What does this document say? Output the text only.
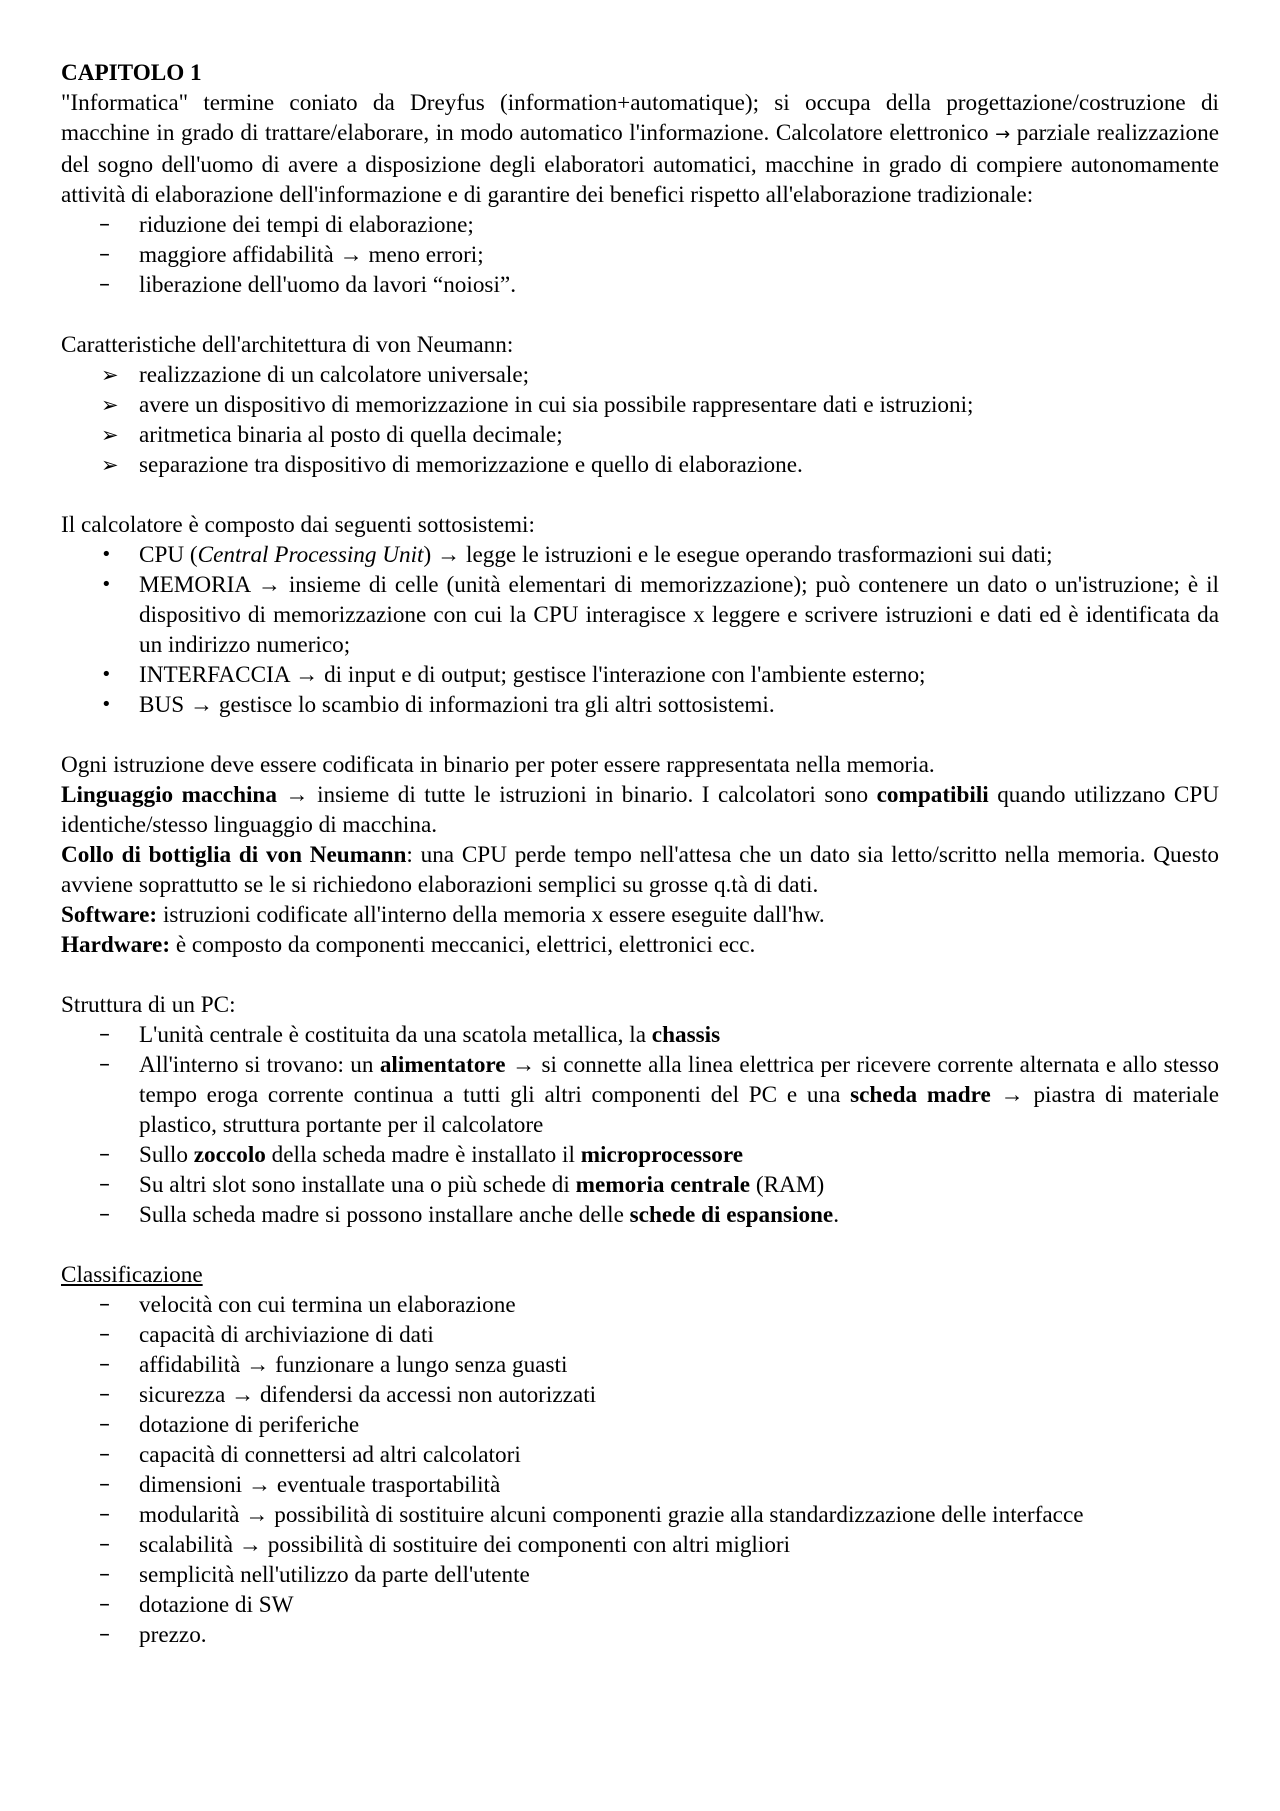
CAPITOLO 1

"Informatica" termine coniato da Dreyfus (information+automatique); si occupa della progettazione/costruzione di macchine in grado di trattare/elaborare, in modo automatico l'informazione. Calcolatore elettronico → parziale realizzazione del sogno dell'uomo di avere a disposizione degli elaboratori automatici, macchine in grado di compiere autonomamente attività di elaborazione dell'informazione e di garantire dei benefici rispetto all'elaborazione tradizionale:

–	riduzione dei tempi di elaborazione;
–	maggiore affidabilità → meno errori;
–	liberazione dell'uomo da lavori “noiosi”.

Caratteristiche dell'architettura di von Neumann:

➢ realizzazione di un calcolatore universale;
➢ avere un dispositivo di memorizzazione in cui sia possibile rappresentare dati e istruzioni;
➢ aritmetica binaria al posto di quella decimale;
➢ separazione tra dispositivo di memorizzazione e quello di elaborazione.

Il calcolatore è composto dai seguenti sottosistemi:

•	CPU (Central Processing Unit) → legge le istruzioni e le esegue operando trasformazioni sui dati;
•	MEMORIA → insieme di celle (unità elementari di memorizzazione); può contenere un dato o un'istruzione; è il dispositivo di memorizzazione con cui la CPU interagisce x leggere e scrivere istruzioni e dati ed è identificata da un indirizzo numerico;
•	INTERFACCIA → di input e di output; gestisce l'interazione con l'ambiente esterno;
•	BUS → gestisce lo scambio di informazioni tra gli altri sottosistemi.

Ogni istruzione deve essere codificata in binario per poter essere rappresentata nella memoria.

Linguaggio macchina → insieme di tutte le istruzioni in binario. I calcolatori sono compatibili quando utilizzano CPU identiche/stesso linguaggio di macchina.

Collo di bottiglia di von Neumann: una CPU perde tempo nell'attesa che un dato sia letto/scritto nella memoria. Questo avviene soprattutto se le si richiedono elaborazioni semplici su grosse q.tà di dati.

Software: istruzioni codificate all'interno della memoria x essere eseguite dall'hw.

Hardware: è composto da componenti meccanici, elettrici, elettronici ecc.

Struttura di un PC:

–	L'unità centrale è costituita da una scatola metallica, la chassis
–	All'interno si trovano: un alimentatore → si connette alla linea elettrica per ricevere corrente alternata e allo stesso tempo eroga corrente continua a tutti gli altri componenti del PC e una scheda madre → piastra di materiale plastico, struttura portante per il calcolatore
–	Sullo zoccolo della scheda madre è installato il microprocessore
–	Su altri slot sono installate una o più schede di memoria centrale (RAM)
–	Sulla scheda madre si possono installare anche delle schede di espansione.

Classificazione

–	velocità con cui termina un elaborazione
–	capacità di archiviazione di dati
–	affidabilità → funzionare a lungo senza guasti
–	sicurezza → difendersi da accessi non autorizzati
–	dotazione di periferiche
–	capacità di connettersi ad altri calcolatori
–	dimensioni → eventuale trasportabilità
–	modularità → possibilità di sostituire alcuni componenti grazie alla standardizzazione delle interfacce
–	scalabilità → possibilità di sostituire dei componenti con altri migliori
–	semplicità nell'utilizzo da parte dell'utente
–	dotazione di SW
–	prezzo.
